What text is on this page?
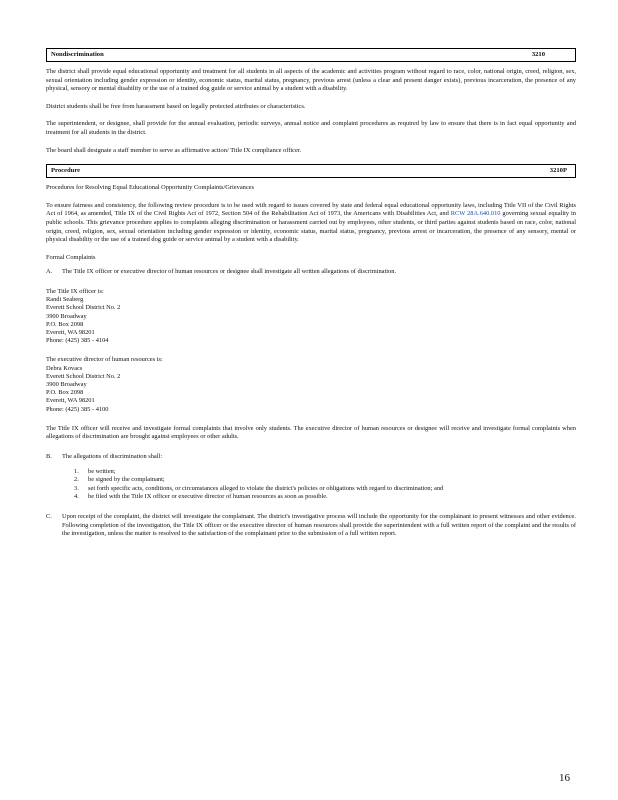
Nondiscrimination	3210

The district shall provide equal educational opportunity and treatment for all students in all aspects of the academic and activities program without regard to race, color, national origin, creed, religion, sex, sexual orientation including gender expression or identity, economic status, marital status, pregnancy, previous arrest (unless a clear and present danger exists), previous incarceration, the presence of any physical, sensory or mental disability or the use of a trained dog guide or service animal by a student with a disability.

District students shall be free from harassment based on legally protected attributes or characteristics.

The superintendent, or designee, shall provide for the annual evaluation, periodic surveys, annual notice and complaint procedures as required by law to ensure that there is in fact equal opportunity and treatment for all students in the district.

The board shall designate a staff member to serve as affirmative action/ Title IX compliance officer.

Procedure	3210P

Procedures for Resolving Equal Educational Opportunity Complaints/Grievances

To ensure fairness and consistency, the following review procedure is to be used with regard to issues covered by state and federal equal educational opportunity laws, including Title VII of the Civil Rights Act of 1964, as amended, Title IX of the Civil Rights Act of 1972, Section 504 of the Rehabilitation Act of 1973, the Americans with Disabilities Act, and RCW 28A.640.010 governing sexual equality in public schools. This grievance procedure applies to complaints alleging discrimination or harassment carried out by employees, other students, or third parties against students based on race, color, national origin, creed, religion, sex, sexual orientation including gender expression or identity, economic status, marital status, pregnancy, previous arrest or incarceration, the presence of any sensory, mental or physical disability or the use of a trained dog guide or service animal by a student with a disability.

Formal Complaints

A.	The Title IX officer or executive director of human resources or designee shall investigate all written allegations of discrimination.

The Title IX officer is:

Randi Seaberg

Everett School District No. 2

3900 Broadway

P.O. Box 2098

Everett, WA 98201

Phone: (425) 385 - 4104

The executive director of human resources is:

Debra Kovacs

Everett School District No. 2

3900 Broadway

P.O. Box 2098

Everett, WA 98201

Phone: (425) 385 - 4100

The Title IX officer will receive and investigate formal complaints that involve only students. The executive director of human resources or designee will receive and investigate formal complaints when allegations of discrimination are brought against employees or other adults.

B.	The allegations of discrimination shall:

1.	be written;

2.	be signed by the complainant;

3.	set forth specific acts, conditions, or circumstances alleged to violate the district's policies or obligations with regard to discrimination; and

4.	be filed with the Title IX officer or executive director of human resources as soon as possible.

C.	Upon receipt of the complaint, the district will investigate the complainant. The district's investigative process will include the opportunity for the complainant to present witnesses and other evidence. Following completion of the investigation, the Title IX officer or the executive director of human resources shall provide the superintendent with a full written report of the complaint and the results of the investigation, unless the matter is resolved to the satisfaction of the complainant prior to the submission of a full written report.

16
